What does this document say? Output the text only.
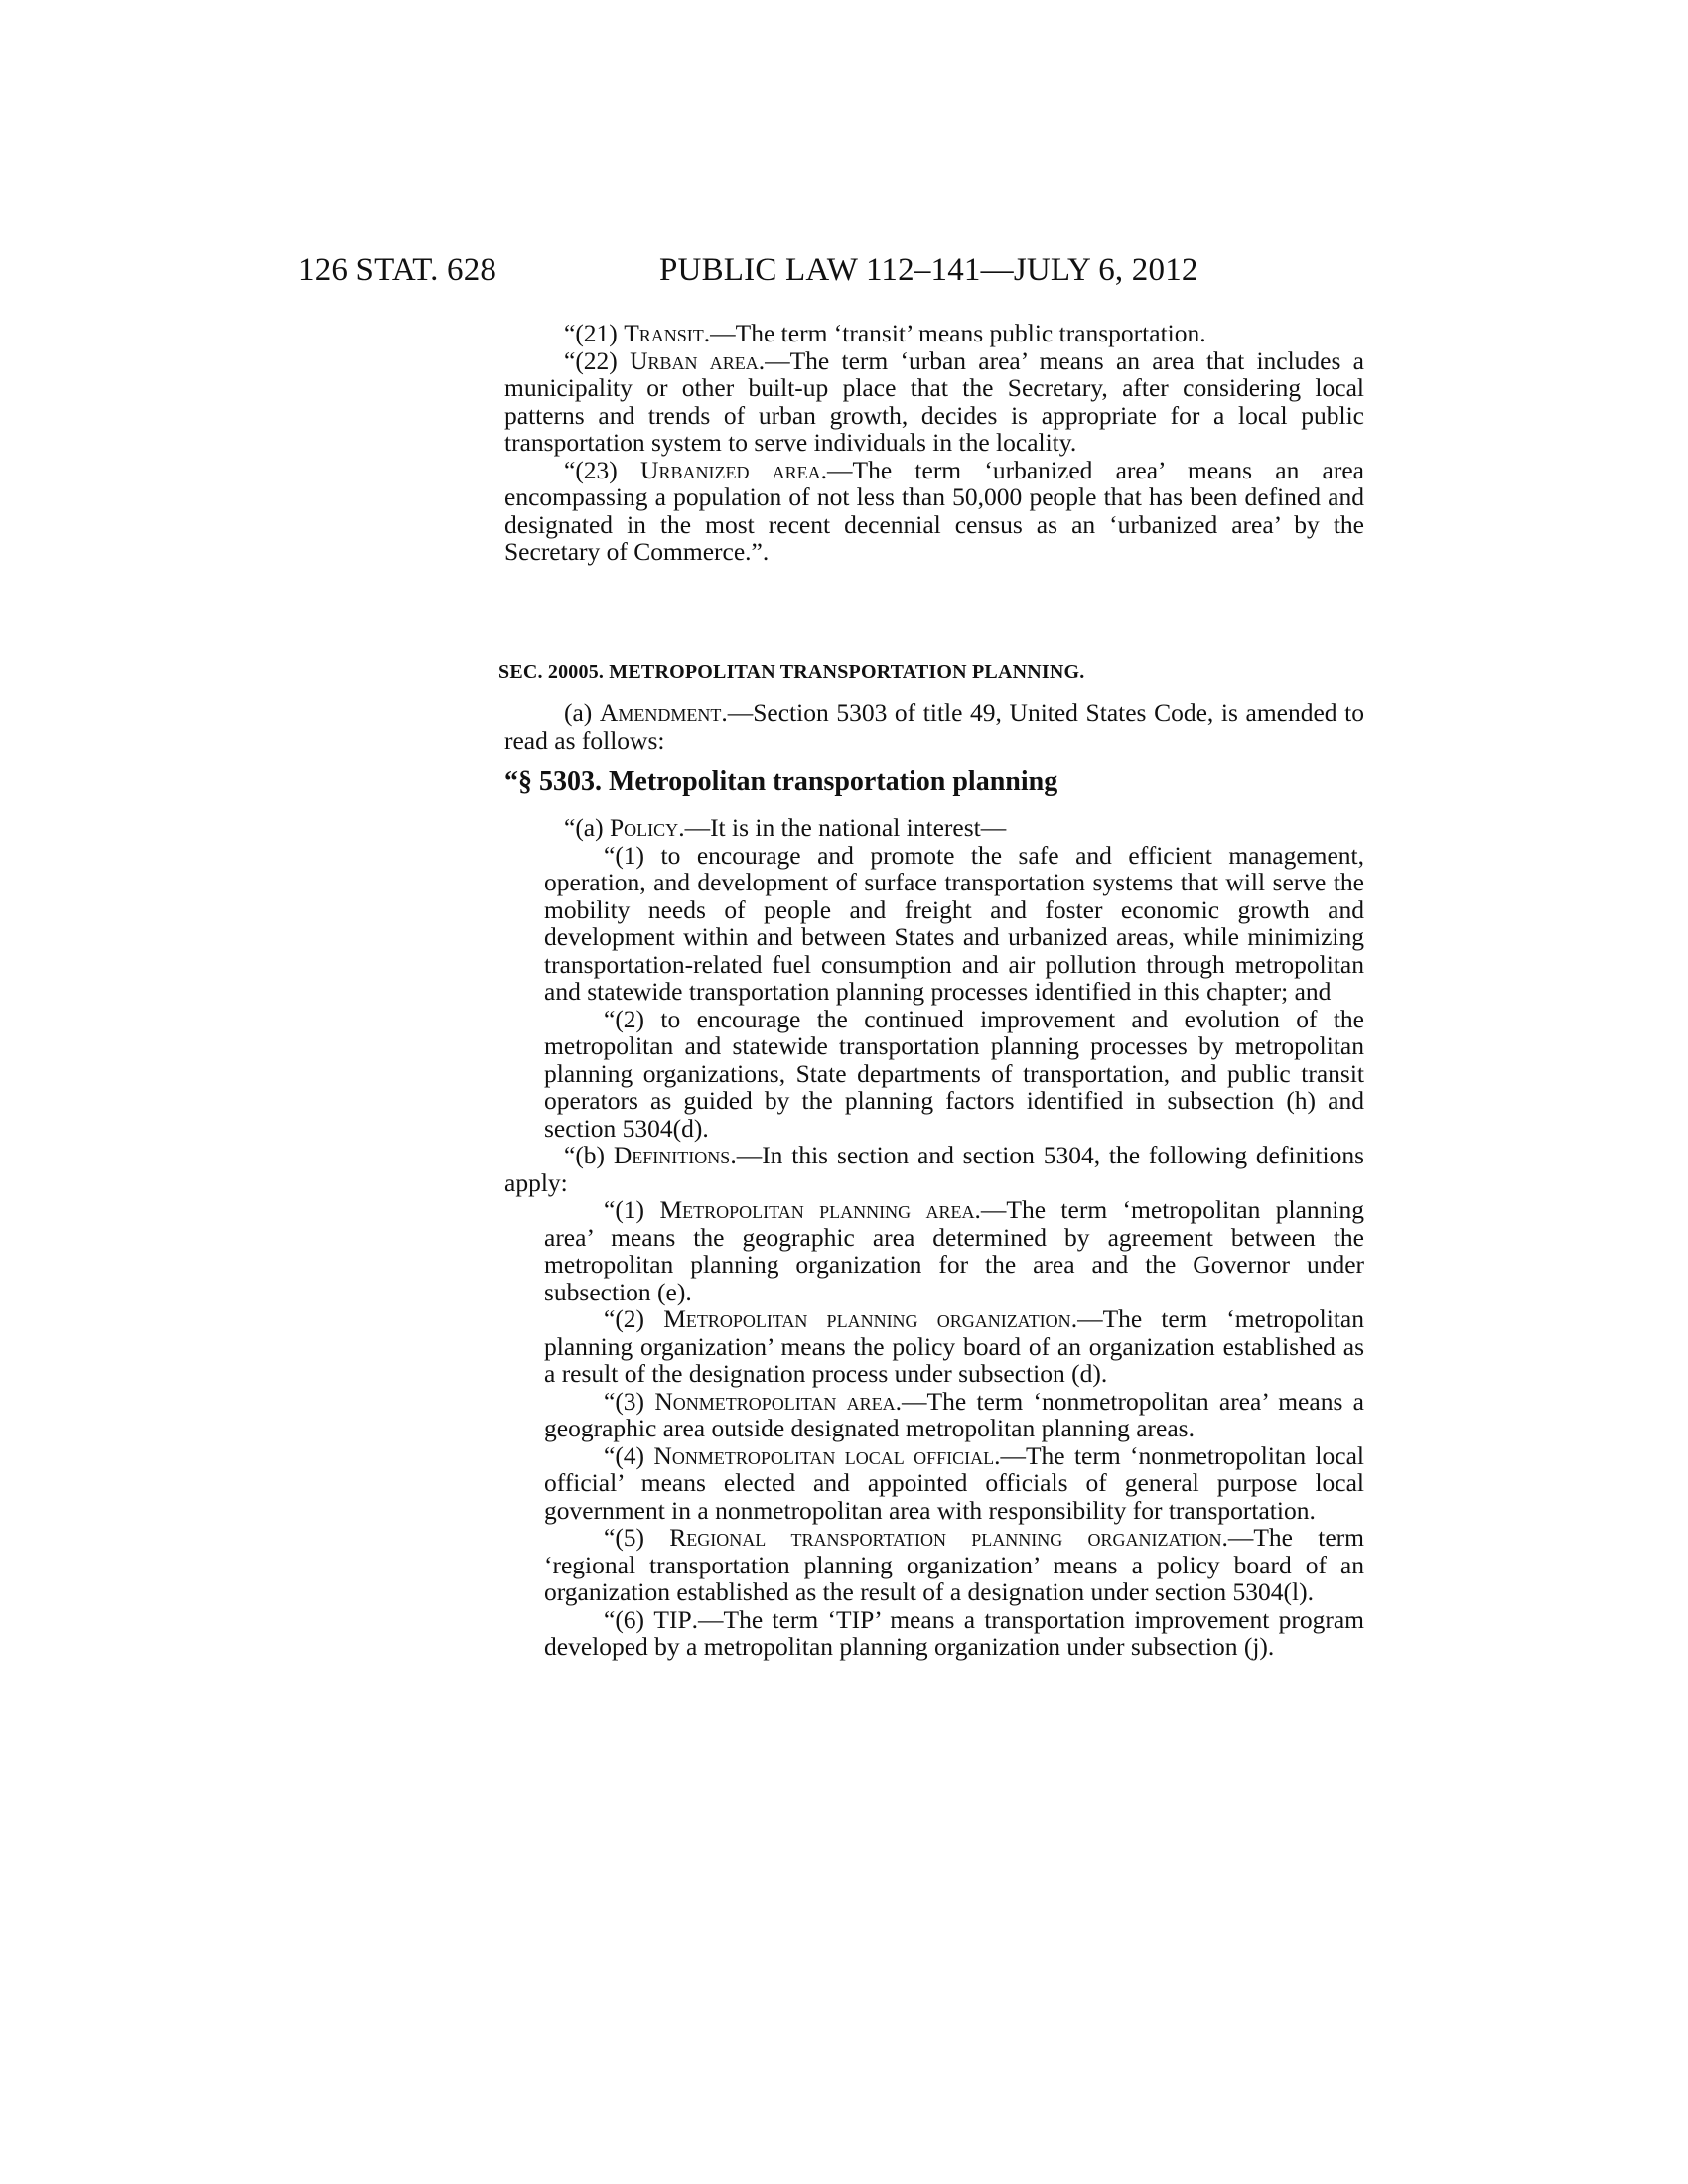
126 STAT. 628	PUBLIC LAW 112–141—JULY 6, 2012

“(21) Transit.—The term ‘transit’ means public transportation.

“(22) Urban area.—The term ‘urban area’ means an area that includes a municipality or other built-up place that the Secretary, after considering local patterns and trends of urban growth, decides is appropriate for a local public transportation system to serve individuals in the locality.

“(23) Urbanized area.—The term ‘urbanized area’ means an area encompassing a population of not less than 50,000 people that has been defined and designated in the most recent decennial census as an ‘urbanized area’ by the Secretary of Commerce.”.

SEC. 20005. METROPOLITAN TRANSPORTATION PLANNING.

(a) Amendment.—Section 5303 of title 49, United States Code, is amended to read as follows:

“§ 5303. Metropolitan transportation planning

“(a) Policy.—It is in the national interest—

“(1) to encourage and promote the safe and efficient management, operation, and development of surface transportation systems that will serve the mobility needs of people and freight and foster economic growth and development within and between States and urbanized areas, while minimizing transportation-related fuel consumption and air pollution through metropolitan and statewide transportation planning processes identified in this chapter; and

“(2) to encourage the continued improvement and evolution of the metropolitan and statewide transportation planning processes by metropolitan planning organizations, State departments of transportation, and public transit operators as guided by the planning factors identified in subsection (h) and section 5304(d).

“(b) Definitions.—In this section and section 5304, the following definitions apply:

“(1) Metropolitan planning area.—The term ‘metropolitan planning area’ means the geographic area determined by agreement between the metropolitan planning organization for the area and the Governor under subsection (e).

“(2) Metropolitan planning organization.—The term ‘metropolitan planning organization’ means the policy board of an organization established as a result of the designation process under subsection (d).

“(3) Nonmetropolitan area.—The term ‘nonmetropolitan area’ means a geographic area outside designated metropolitan planning areas.

“(4) Nonmetropolitan local official.—The term ‘nonmetropolitan local official’ means elected and appointed officials of general purpose local government in a nonmetropolitan area with responsibility for transportation.

“(5) Regional transportation planning organization.—The term ‘regional transportation planning organization’ means a policy board of an organization established as the result of a designation under section 5304(l).

“(6) TIP.—The term ‘TIP’ means a transportation improvement program developed by a metropolitan planning organization under subsection (j).
